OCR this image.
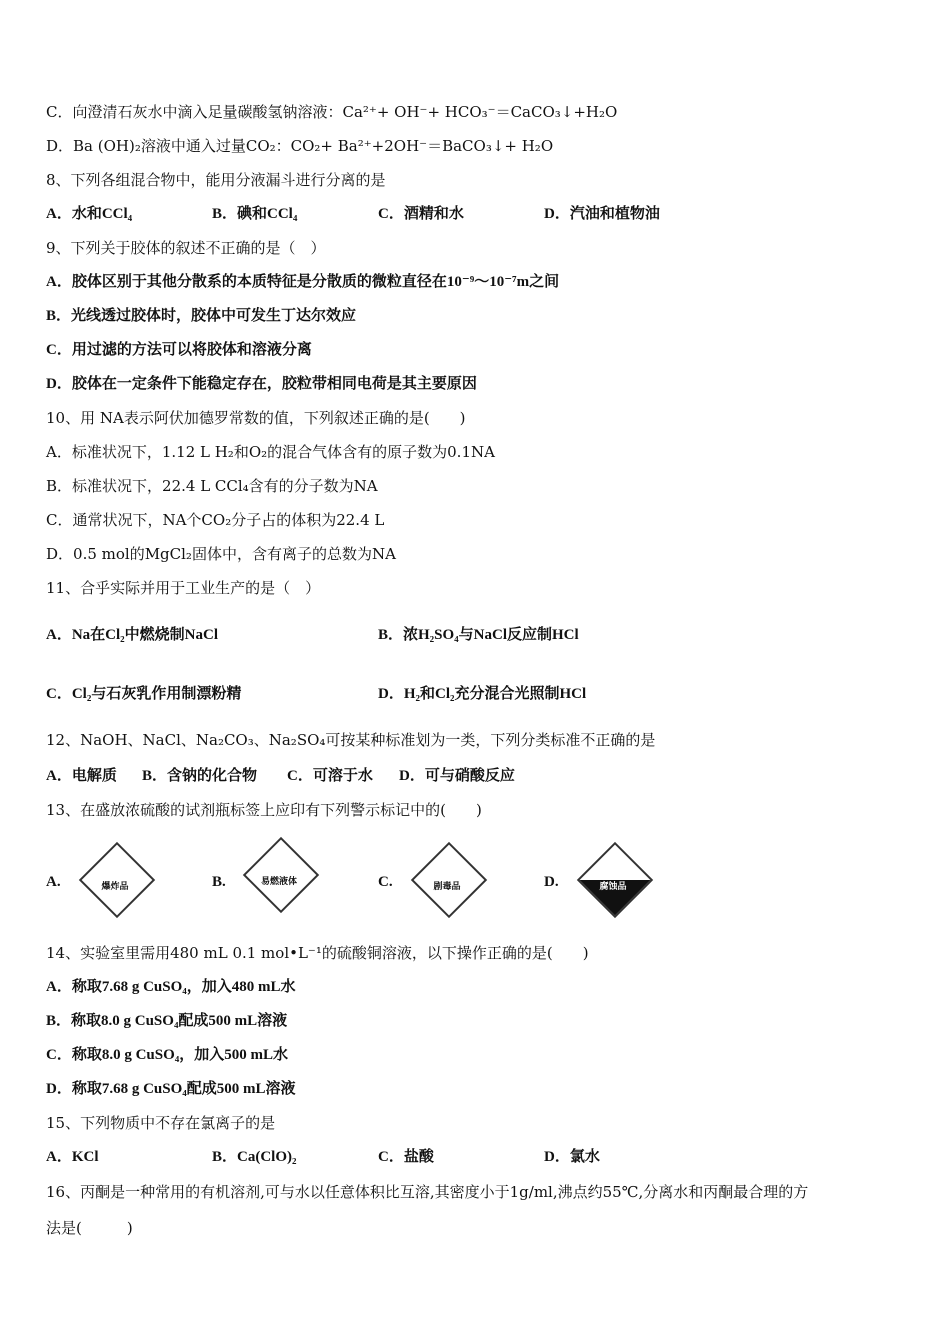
C．向澄清石灰水中滴入足量碳酸氢钠溶液：Ca²⁺+ OH⁻+ HCO₃⁻＝CaCO₃↓+H₂O
D．Ba (OH)₂溶液中通入过量CO₂：CO₂+ Ba²⁺+2OH⁻＝BaCO₃↓+ H₂O
8、下列各组混合物中，能用分液漏斗进行分离的是
A．水和CCl₄	B．碘和CCl₄	C．酒精和水	D．汽油和植物油
9、下列关于胶体的叙述不正确的是（　）
A．胶体区别于其他分散系的本质特征是分散质的微粒直径在10⁻⁹～10⁻⁷m之间
B．光线透过胶体时，胶体中可发生丁达尔效应
C．用过滤的方法可以将胶体和溶液分离
D．胶体在一定条件下能稳定存在，胶粒带相同电荷是其主要原因
10、用 NA表示阿伏加德罗常数的值，下列叙述正确的是(　　)
A．标准状况下，1.12 L H₂和O₂的混合气体含有的原子数为0.1NA
B．标准状况下，22.4 L CCl₄含有的分子数为NA
C．通常状况下，NA个CO₂分子占的体积为22.4 L
D．0.5 mol的MgCl₂固体中，含有离子的总数为NA
11、合乎实际并用于工业生产的是（　）
A．Na在Cl₂中燃烧制NaCl	B．浓H₂SO₄与NaCl反应制HCl
C．Cl₂与石灰乳作用制漂粉精	D．H₂和Cl₂充分混合光照制HCl
12、NaOH、NaCl、Na₂CO₃、Na₂SO₄可按某种标准划为一类，下列分类标准不正确的是
A．电解质 B．含钠的化合物 C．可溶于水 D．可与硝酸反应
13、在盛放浓硫酸的试剂瓶标签上应印有下列警示标记中的(　　)
A.	爆炸品	B.	易燃液体	C.	剧毒品	D.	腐蚀品
14、实验室里需用480 mL 0.1 mol•L⁻¹的硫酸铜溶液，以下操作正确的是(　　)
A．称取7.68 g CuSO₄，加入480 mL水
B．称取8.0 g CuSO₄配成500 mL溶液
C．称取8.0 g CuSO₄，加入500 mL水
D．称取7.68 g CuSO₄配成500 mL溶液
15、下列物质中不存在氯离子的是
A．KCl	B．Ca(ClO)₂	C．盐酸	D．氯水
16、丙酮是一种常用的有机溶剂,可与水以任意体积比互溶,其密度小于1g/ml,沸点约55℃,分离水和丙酮最合理的方
法是(　　　)
